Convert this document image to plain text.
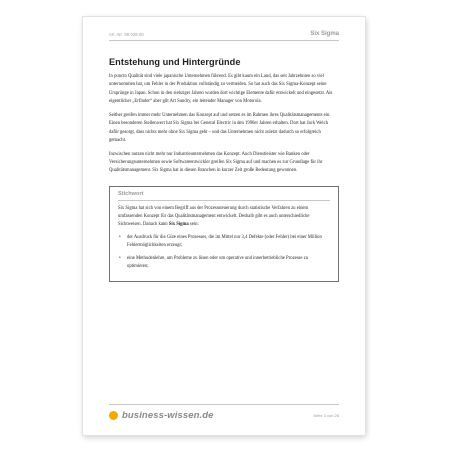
Art.-Nr. 99.028.00	Six Sigma
Entstehung und Hintergründe

In puncto Qualität sind viele japanische Unternehmen führend. Es gibt kaum ein Land, das seit Jahrzehnten so viel unternommen hat, um Fehler in der Produktion vollständig zu vermeiden. So hat auch das Six Sigma-Konzept seine Ursprünge in Japan. Schon in den siebziger Jahren wurden dort wichtige Elemente dafür entwickelt und eingesetzt. Als eigentlicher „Erfinder“ aber gilt Art Sundry, ein leitender Manager von Motorola.

Seither greifen immer mehr Unternehmen das Konzept auf und setzen es im Rahmen ihres Qualitätsmanagements ein. Einen besonderen Stellenwert hat Six Sigma bei General Electric in den 1990er Jahren erhalten. Dort hat Jack Welch dafür gesorgt, dass nichts mehr ohne Six Sigma geht – und das Unternehmen nicht zuletzt dadurch so erfolgreich gemacht.

Inzwischen nutzen nicht mehr nur Industrieunternehmen das Konzept. Auch Dienstleister wie Banken oder Versicherungsunternehmen sowie Softwareentwickler greifen Six Sigma auf und machen es zur Grundlage für ihr Qualitätsmanagement. Six Sigma hat in diesen Branchen in kurzer Zeit große Bedeutung gewonnen.

Stichwort

Six Sigma hat sich von einem Begriff aus der Prozesssteuerung durch statistische Verfahren zu einem umfassenden Konzept für das Qualitätsmanagement entwickelt. Deshalb gibt es auch unterschiedliche Sichtweisen. Danach kann Six Sigma sein:

• der Ausdruck für die Güte eines Prozesses, die im Mittel nur 3,4 Defekte (oder Fehler) bei einer Million Fehlermöglichkeiten erzeugt;
• eine Methodenlehre, um Probleme zu lösen oder um operative und innerbetriebliche Prozesse zu optimieren;
business-wissen.de	Seite 3 von 26
